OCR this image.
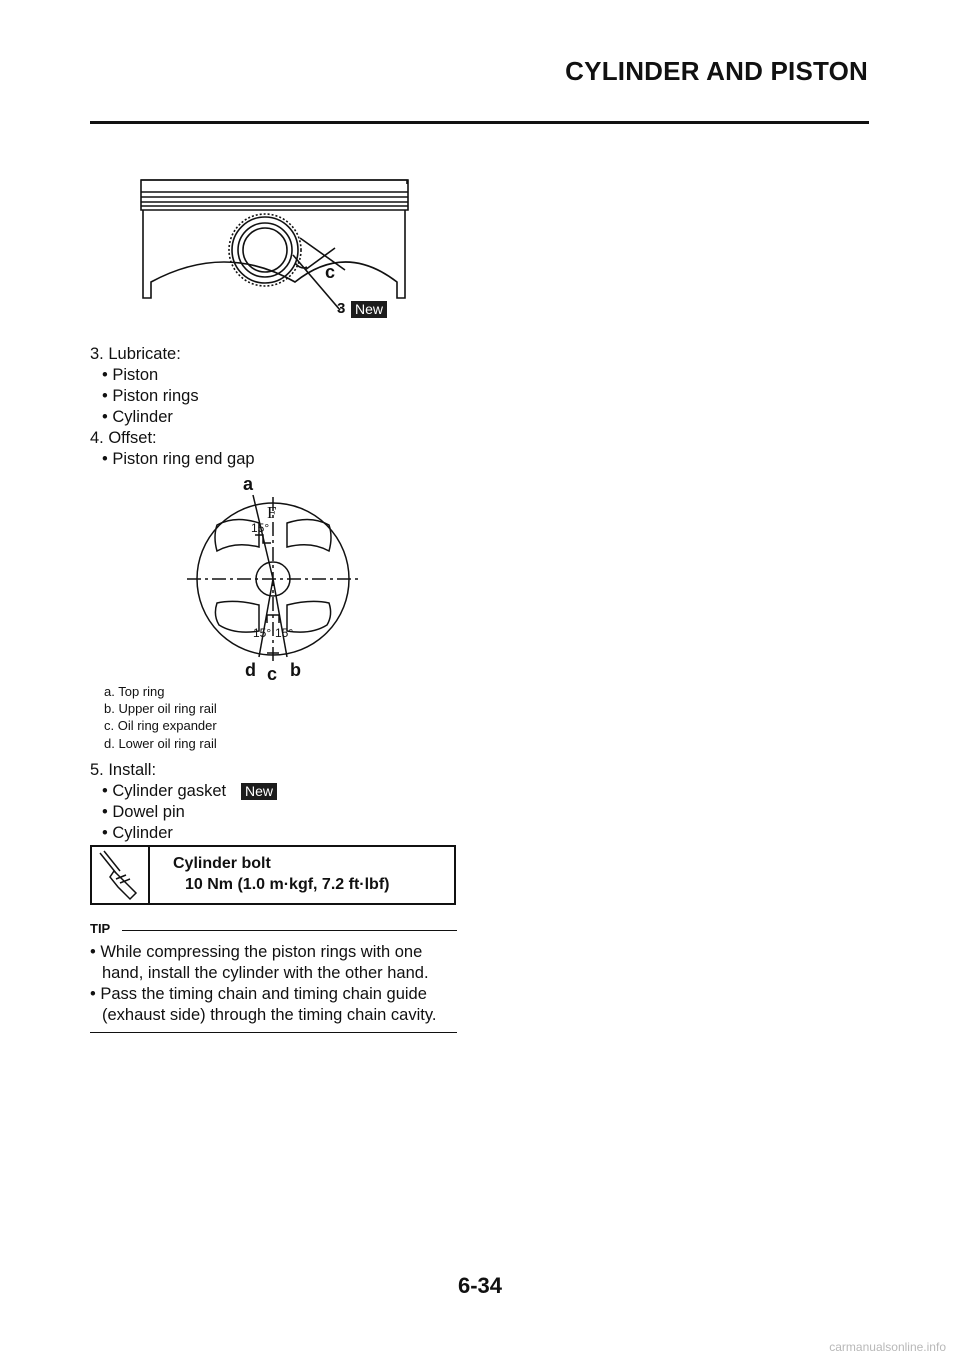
CYLINDER AND PISTON
c
3 New
3. Lubricate:
• Piston
• Piston rings
• Cylinder
4. Offset:
• Piston ring end gap
a
F
15°
15° 15°
d c b
a. Top ring
b. Upper oil ring rail
c. Oil ring expander
d. Lower oil ring rail
5. Install:
• Cylinder gasket New
• Dowel pin
• Cylinder
Cylinder bolt
10 Nm (1.0 m·kgf, 7.2 ft·lbf)
TIP
• While compressing the piston rings with one
hand, install the cylinder with the other hand.
• Pass the timing chain and timing chain guide
(exhaust side) through the timing chain cavity.
6-34
carmanualsonline.info
